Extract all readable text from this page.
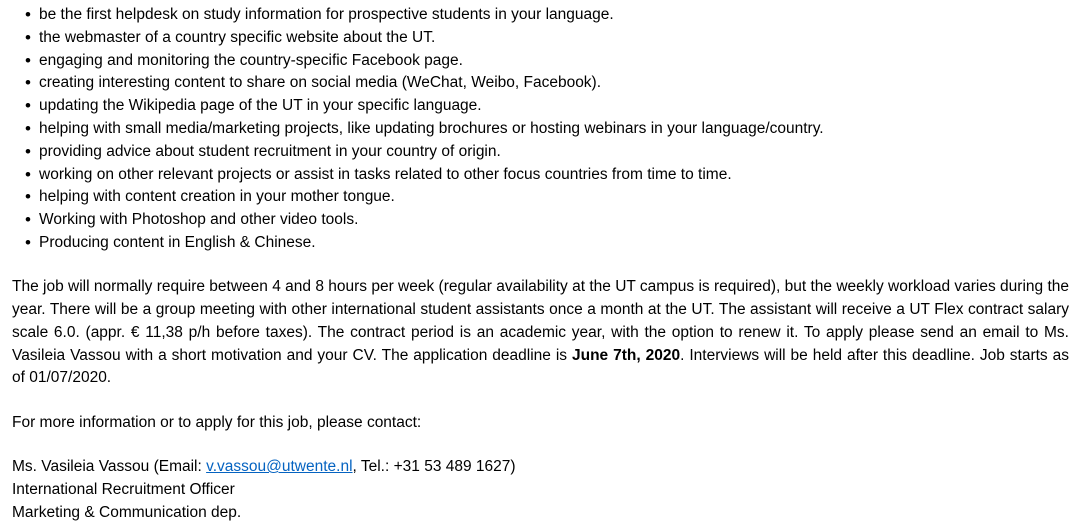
• be the first helpdesk on study information for prospective students in your language.
• the webmaster of a country specific website about the UT.
• engaging and monitoring the country-specific Facebook page.
• creating interesting content to share on social media (WeChat, Weibo, Facebook).
• updating the Wikipedia page of the UT in your specific language.
• helping with small media/marketing projects, like updating brochures or hosting webinars in your language/country.
• providing advice about student recruitment in your country of origin.
• working on other relevant projects or assist in tasks related to other focus countries from time to time.
• helping with content creation in your mother tongue.
• Working with Photoshop and other video tools.
• Producing content in English & Chinese.

The job will normally require between 4 and 8 hours per week (regular availability at the UT campus is required), but the weekly workload varies during the year. There will be a group meeting with other international student assistants once a month at the UT. The assistant will receive a UT Flex contract salary scale 6.0. (appr. € 11,38 p/h before taxes). The contract period is an academic year, with the option to renew it. To apply please send an email to Ms. Vasileia Vassou with a short motivation and your CV. The application deadline is June 7th, 2020. Interviews will be held after this deadline. Job starts as of 01/07/2020.

For more information or to apply for this job, please contact:

Ms. Vasileia Vassou (Email: v.vassou@utwente.nl, Tel.: +31 53 489 1627)

International Recruitment Officer

Marketing & Communication dep.
